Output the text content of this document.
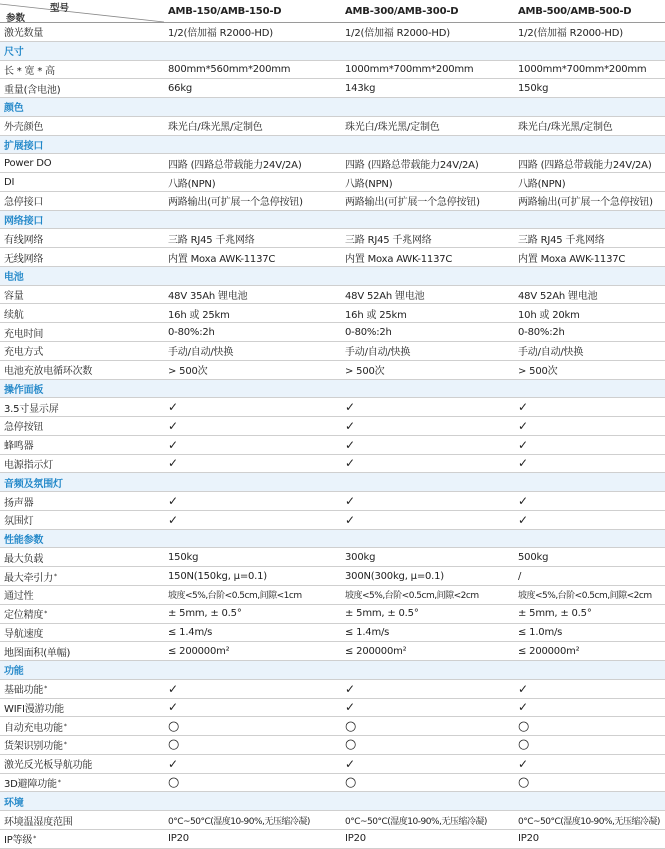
参数
型号	AMB-150/AMB-150-D	AMB-300/AMB-300-D	AMB-500/AMB-500-D
激光数量	1/2(倍加福 R2000-HD)	1/2(倍加福 R2000-HD)	1/2(倍加福 R2000-HD)
尺寸
长 * 宽 * 高	800mm*560mm*200mm	1000mm*700mm*200mm	1000mm*700mm*200mm
重量(含电池)	66kg	143kg	150kg
颜色
外壳颜色	珠光白/珠光黑/定制色	珠光白/珠光黑/定制色	珠光白/珠光黑/定制色
扩展接口
Power DO	四路 (四路总带载能力24V/2A)	四路 (四路总带载能力24V/2A)	四路 (四路总带载能力24V/2A)
DI	八路(NPN)	八路(NPN)	八路(NPN)
急停接口	两路输出(可扩展一个急停按钮)	两路输出(可扩展一个急停按钮)	两路输出(可扩展一个急停按钮)
网络接口
有线网络	三路 RJ45 千兆网络	三路 RJ45 千兆网络	三路 RJ45 千兆网络
无线网络	内置 Moxa AWK-1137C	内置 Moxa AWK-1137C	内置 Moxa AWK-1137C
电池
容量	48V 35Ah 锂电池	48V 52Ah 锂电池	48V 52Ah 锂电池
续航	16h 或 25km	16h 或 25km	10h 或 20km
充电时间	0-80%:2h	0-80%:2h	0-80%:2h
充电方式	手动/自动/快换	手动/自动/快换	手动/自动/快换
电池充放电循环次数	> 500次	> 500次	> 500次
操作面板
3.5寸显示屏	✓	✓	✓
急停按钮	✓	✓	✓
蜂鸣器	✓	✓	✓
电源指示灯	✓	✓	✓
音频及氛围灯
扬声器	✓	✓	✓
氛围灯	✓	✓	✓
性能参数
最大负载	150kg	300kg	500kg
最大牵引力 *	150N(150kg, μ=0.1)	300N(300kg, μ=0.1)	/
通过性	坡度<5%,台阶<0.5cm,间隙<1cm	坡度<5%,台阶<0.5cm,间隙<2cm	坡度<5%,台阶<0.5cm,间隙<2cm
定位精度 *	± 5mm, ± 0.5°	± 5mm, ± 0.5°	± 5mm, ± 0.5°
导航速度	≤ 1.4m/s	≤ 1.4m/s	≤ 1.0m/s
地图面积(单幅)	≤ 200000m²	≤ 200000m²	≤ 200000m²
功能
基础功能 *	✓	✓	✓
WIFI漫游功能	✓	✓	✓
自动充电功能 *	○	○	○
货架识别功能 *	○	○	○
激光反光板导航功能	✓	✓	✓
3D避障功能 *	○	○	○
环境
环境温湿度范围	0°C~50°C(湿度10-90%,无压缩冷凝)	0°C~50°C(湿度10-90%,无压缩冷凝)	0°C~50°C(湿度10-90%,无压缩冷凝)
IP等级 *	IP20	IP20	IP20
